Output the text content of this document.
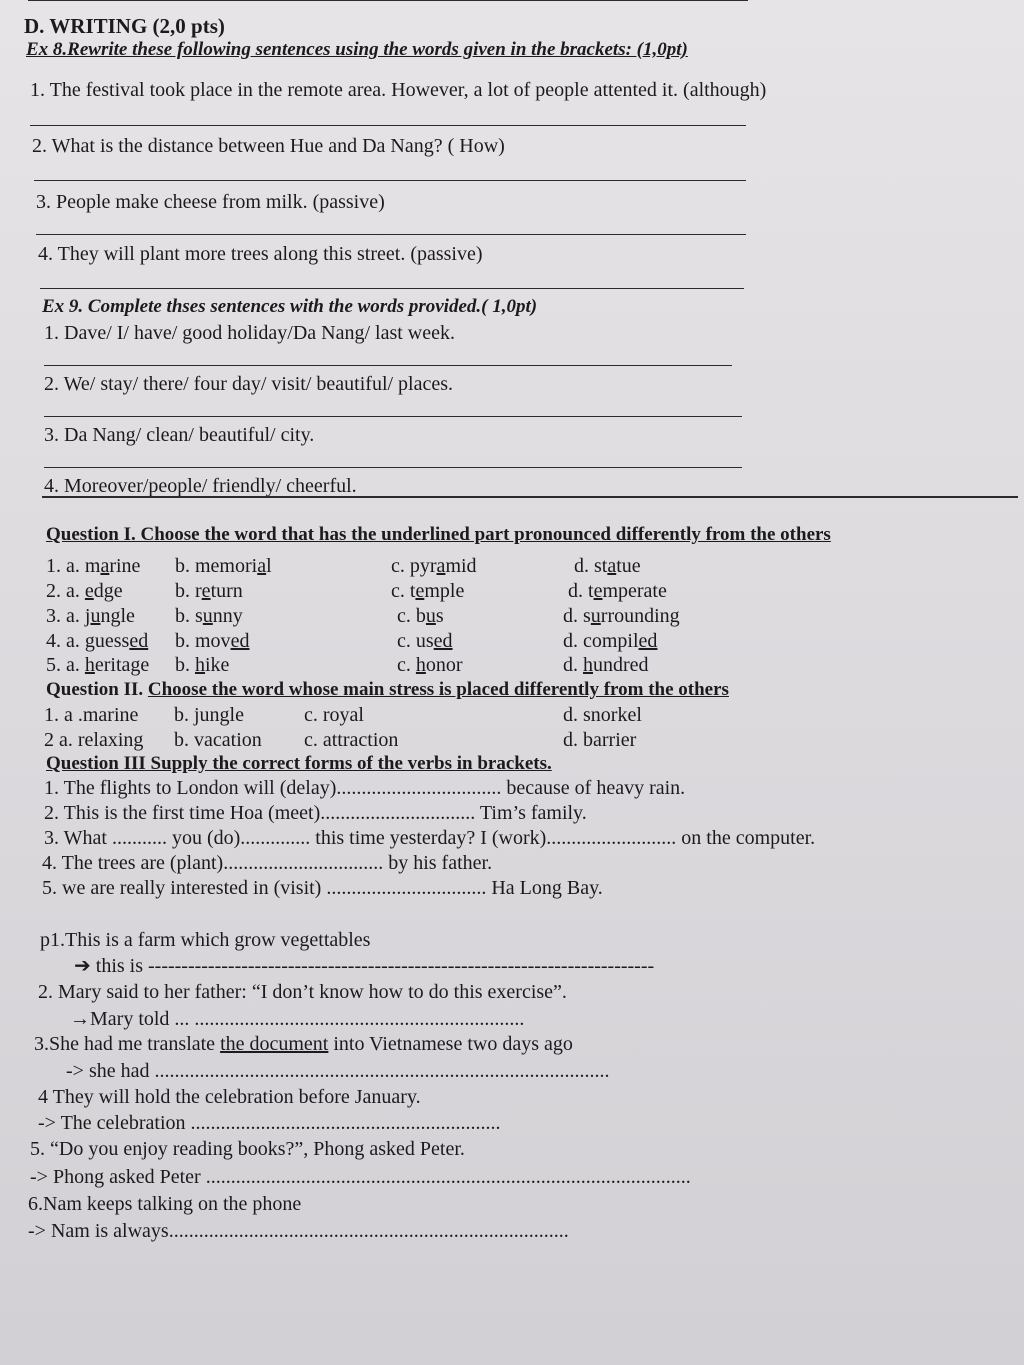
D. WRITING (2,0 pts)
Ex 8.Rewrite these following sentences using the words given in the brackets: (1,0pt)
1. The festival took place in the remote area. However, a lot of people attented it. (although)
2. What is the distance between Hue and Da Nang? ( How)
3. People make cheese from milk. (passive)
4. They will plant more trees along this street. (passive)
Ex 9. Complete thses sentences with the words provided.( 1,0pt)
1. Dave/ I/ have/ good holiday/Da Nang/ last week.
2. We/ stay/ there/ four day/ visit/ beautiful/ places.
3. Da Nang/ clean/ beautiful/ city.
4. Moreover/people/ friendly/ cheerful.
Question I. Choose the word that has the underlined part pronounced differently from the others
1. a. marine b. memorial	c. pyramid	d. statue
2. a. edge	b. return	c. temple	d. temperate
3. a. jungle b. sunny	c. bus	d. surrounding
4. a. guessed b. moved	c. used	d. compiled
5. a. heritage b. hike	c. honor	d. hundred
Question II. Choose the word whose main stress is placed differently from the others
1. a .marine b. jungle	c. royal	d. snorkel
2 a. relaxing b. vacation c. attraction	d. barrier
Question III Supply the correct forms of the verbs in brackets.
1. The flights to London will (delay)................................. because of heavy rain.
2. This is the first time Hoa (meet)............................... Tim’s family.
3. What ........... you (do).............. this time yesterday? I (work).......................... on the computer.
4. The trees are (plant)................................ by his father.
5. we are really interested in (visit) ................................ Ha Long Bay.
p1.This is a farm which grow vegettables
➔ this is ----------------------------------------------------------------------------
2. Mary said to her father: “I don’t know how to do this exercise”.
→Mary told ... ..................................................................
3.She had me translate the document into Vietnamese two days ago
-> she had ...........................................................................................
4 They will hold the celebration before January.
-> The celebration ..............................................................
5. “Do you enjoy reading books?”, Phong asked Peter.
-> Phong asked Peter .................................................................................................
6.Nam keeps talking on the phone
-> Nam is always................................................................................
